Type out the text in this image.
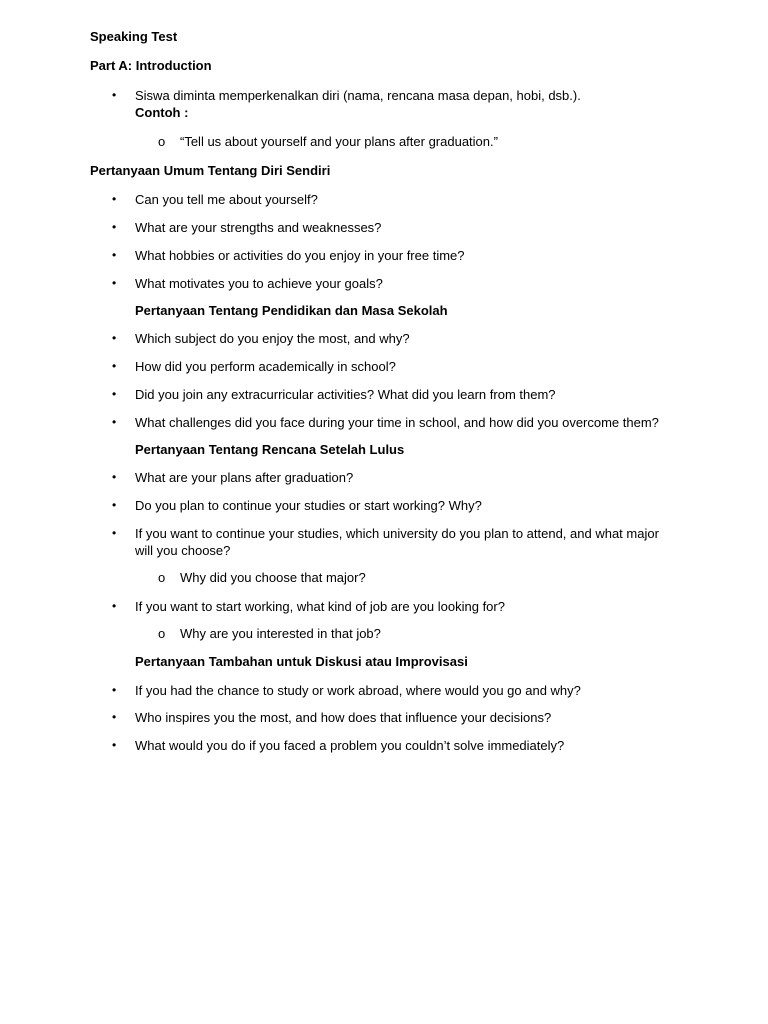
Speaking Test
Part A: Introduction
• Siswa diminta memperkenalkan diri (nama, rencana masa depan, hobi, dsb.).
Contoh :
o “Tell us about yourself and your plans after graduation.”
Pertanyaan Umum Tentang Diri Sendiri
• Can you tell me about yourself?
• What are your strengths and weaknesses?
• What hobbies or activities do you enjoy in your free time?
• What motivates you to achieve your goals?
Pertanyaan Tentang Pendidikan dan Masa Sekolah
• Which subject do you enjoy the most, and why?
• How did you perform academically in school?
• Did you join any extracurricular activities? What did you learn from them?
• What challenges did you face during your time in school, and how did you overcome them?
Pertanyaan Tentang Rencana Setelah Lulus
• What are your plans after graduation?
• Do you plan to continue your studies or start working? Why?
• If you want to continue your studies, which university do you plan to attend, and what major will you choose?
o Why did you choose that major?
• If you want to start working, what kind of job are you looking for?
o Why are you interested in that job?
Pertanyaan Tambahan untuk Diskusi atau Improvisasi
• If you had the chance to study or work abroad, where would you go and why?
• Who inspires you the most, and how does that influence your decisions?
• What would you do if you faced a problem you couldn’t solve immediately?
